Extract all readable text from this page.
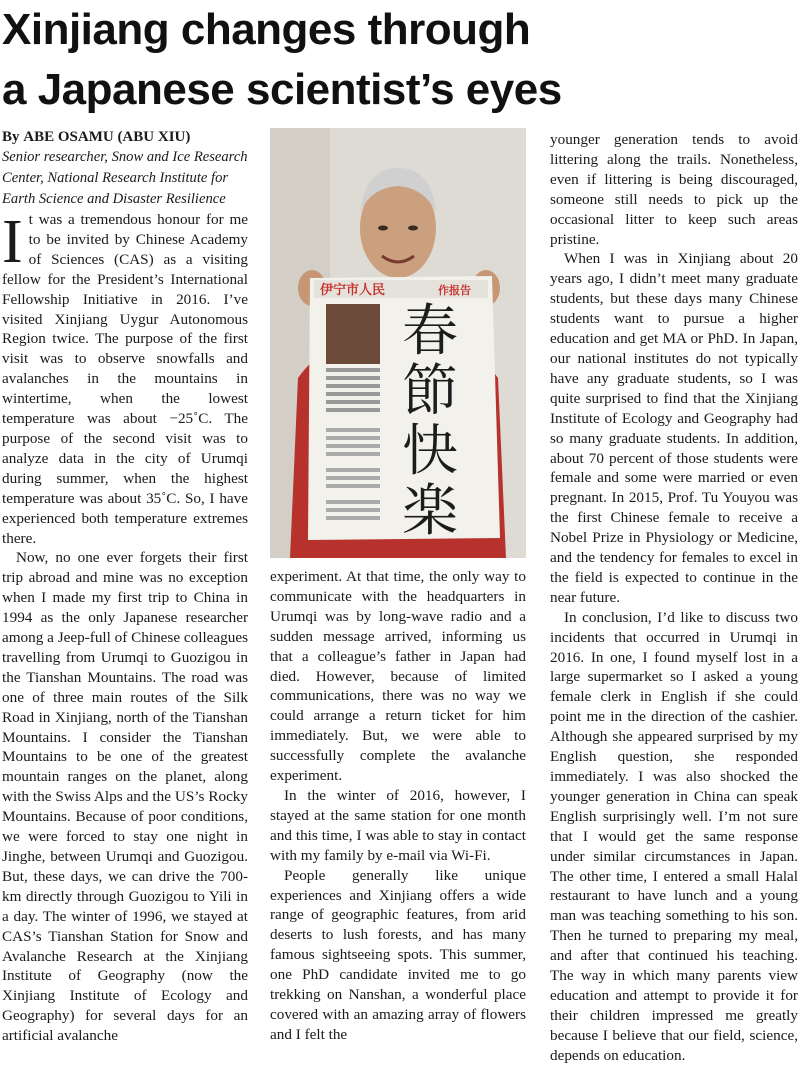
Xinjiang changes through
a Japanese scientist’s eyes

By ABE OSAMU (ABU XIU)

Senior researcher, Snow and Ice Research Center, National Research Institute for Earth Science and Disaster Resilience

It was a tremendous honour for me to be invited by Chinese Academy of Sciences (CAS) as a visiting fellow for the President’s International Fellowship Initiative in 2016. I’ve visited Xinjiang Uygur Autonomous Region twice. The purpose of the first visit was to observe snowfalls and avalanches in the mountains in wintertime, when the lowest temperature was about −25˚C. The purpose of the second visit was to analyze data in the city of Urumqi during summer, when the highest temperature was about 35˚C. So, I have experienced both temperature extremes there.

Now, no one ever forgets their first trip abroad and mine was no exception when I made my first trip to China in 1994 as the only Japanese researcher among a Jeep-full of Chinese colleagues travelling from Urumqi to Guozigou in the Tianshan Mountains. The road was one of three main routes of the Silk Road in Xinjiang, north of the Tianshan Mountains. I consider the Tianshan Mountains to be one of the greatest mountain ranges on the planet, along with the Swiss Alps and the US’s Rocky Mountains. Because of poor conditions, we were forced to stay one night in Jinghe, between Urumqi and Guozigou. But, these days, we can drive the 700-km directly through Guozigou to Yili in a day. The winter of 1996, we stayed at CAS’s Tianshan Station for Snow and Avalanche Research at the Xinjiang Institute of Geography (now the Xinjiang Institute of Ecology and Geography) for several days for an artificial avalanche

伊宁市人民	作报告
春
節
快
楽

experiment. At that time, the only way to communicate with the headquarters in Urumqi was by long-wave radio and a sudden message arrived, informing us that a colleague’s father in Japan had died. However, because of limited communications, there was no way we could arrange a return ticket for him immediately. But, we were able to successfully complete the avalanche experiment.

In the winter of 2016, however, I stayed at the same station for one month and this time, I was able to stay in contact with my family by e-mail via Wi-Fi.

People generally like unique experiences and Xinjiang offers a wide range of geographic features, from arid deserts to lush forests, and has many famous sightseeing spots. This summer, one PhD candidate invited me to go trekking on Nanshan, a wonderful place covered with an amazing array of flowers and I felt the

younger generation tends to avoid littering along the trails. Nonetheless, even if littering is being discouraged, someone still needs to pick up the occasional litter to keep such areas pristine.

When I was in Xinjiang about 20 years ago, I didn’t meet many graduate students, but these days many Chinese students want to pursue a higher education and get MA or PhD. In Japan, our national institutes do not typically have any graduate students, so I was quite surprised to find that the Xinjiang Institute of Ecology and Geography had so many graduate students. In addition, about 70 percent of those students were female and some were married or even pregnant. In 2015, Prof. Tu Youyou was the first Chinese female to receive a Nobel Prize in Physiology or Medicine, and the tendency for females to excel in the field is expected to continue in the near future.

In conclusion, I’d like to discuss two incidents that occurred in Urumqi in 2016. In one, I found myself lost in a large supermarket so I asked a young female clerk in English if she could point me in the direction of the cashier. Although she appeared surprised by my English question, she responded immediately. I was also shocked the younger generation in China can speak English surprisingly well. I’m not sure that I would get the same response under similar circumstances in Japan. The other time, I entered a small Halal restaurant to have lunch and a young man was teaching something to his son. Then he turned to preparing my meal, and after that continued his teaching. The way in which many parents view education and attempt to provide it for their children impressed me greatly because I believe that our field, science, depends on education.
